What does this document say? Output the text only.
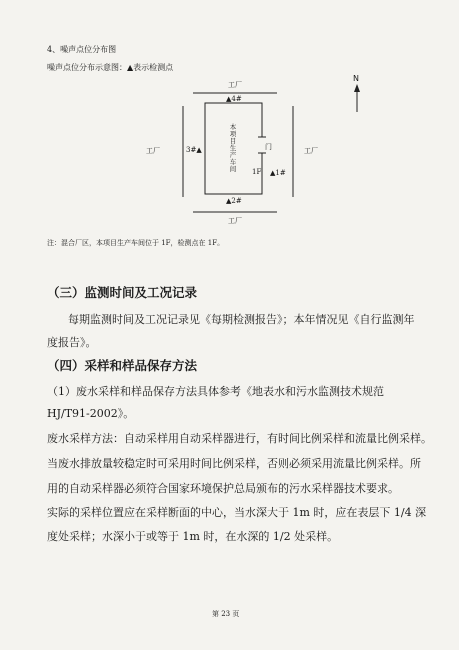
4、噪声点位分布图
噪声点位分布示意图：▲表示检测点
工厂
工厂	工厂
工厂
▲4#
3#▲
▲1#
▲2#
本项目生产车间
门
1F
N
注：混合厂区，本项目生产车间位于 1F，检测点在 1F。
（三）监测时间及工况记录
每期监测时间及工况记录见《每期检测报告》；本年情况见《自行监测年
度报告》。
（四）采样和样品保存方法
（1）废水采样和样品保存方法具体参考《地表水和污水监测技术规范
HJ/T91-2002》。
废水采样方法：自动采样用自动采样器进行，有时间比例采样和流量比例采样。
当废水排放量较稳定时可采用时间比例采样，否则必须采用流量比例采样。所
用的自动采样器必须符合国家环境保护总局颁布的污水采样器技术要求。
实际的采样位置应在采样断面的中心，当水深大于 1m 时，应在表层下 1/4 深
度处采样；水深小于或等于 1m 时，在水深的 1/2 处采样。
第 23 页
